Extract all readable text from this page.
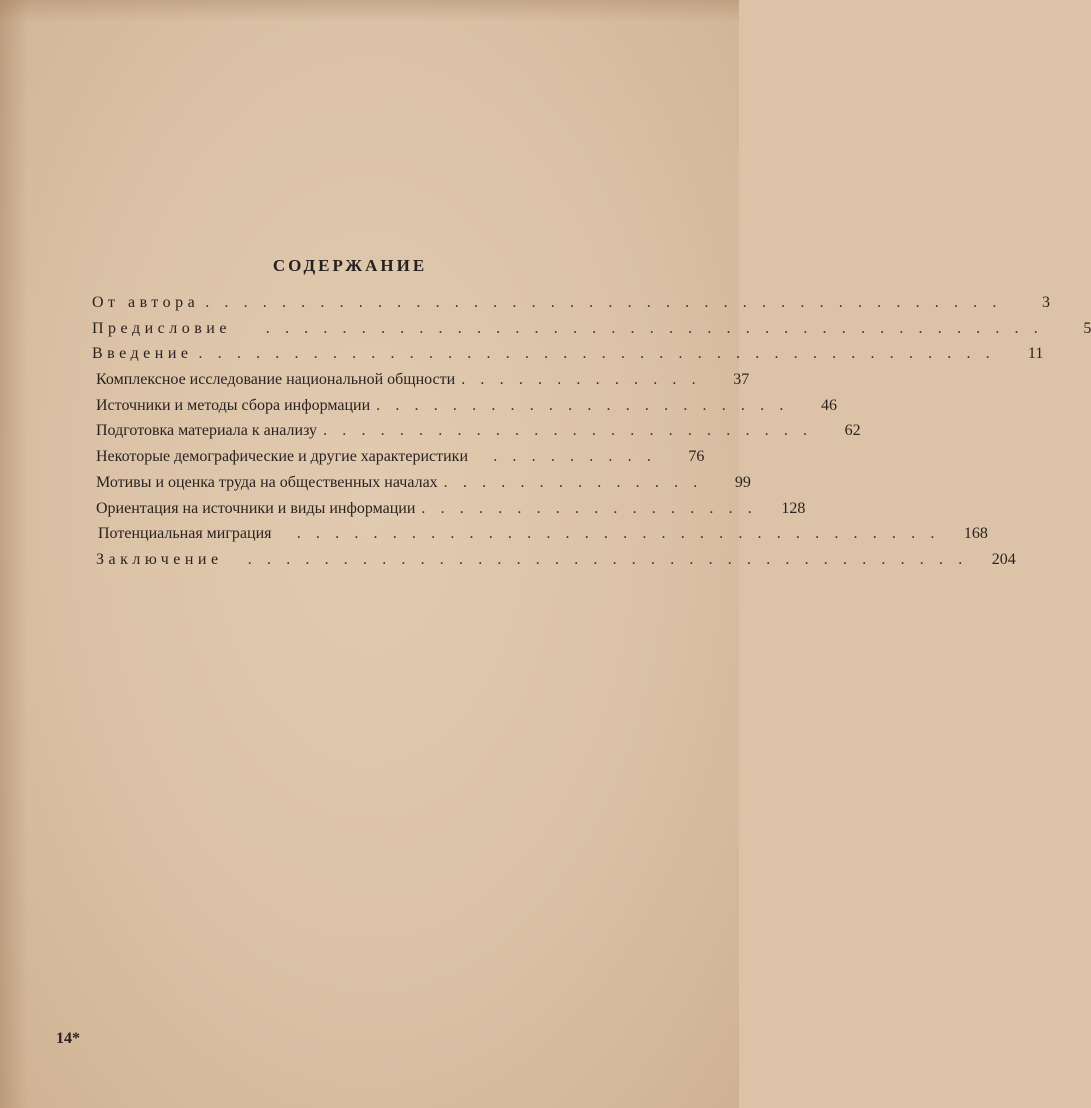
СОДЕРЖАНИЕ
От автора . . . . . . . . . . . . . . . . . . . . . . . . . . . . . . . . . . . . . . . . . .	3
Предисловие . . . . . . . . . . . . . . . . . . . . . . . . . . . . . . . . . . . . . . . . .	5
Введение . . . . . . . . . . . . . . . . . . . . . . . . . . . . . . . . . . . . . . . . . .	11
Комплексное исследование национальной общности . . . . . . . . . . . . .	37
Источники и методы сбора информации . . . . . . . . . . . . . . . . . . . . . .	46
Подготовка материала к анализу . . . . . . . . . . . . . . . . . . . . . . . . . .	62
Некоторые демографические и другие характеристики . . . . . . . . .	76
Мотивы и оценка труда на общественных началах . . . . . . . . . . . . . .	99
Ориентация на источники и виды информации . . . . . . . . . . . . . . . . . .	128
Потенциальная миграция . . . . . . . . . . . . . . . . . . . . . . . . . . . . . . . . . .	168
Заключение . . . . . . . . . . . . . . . . . . . . . . . . . . . . . . . . . . . . . .	204
14*
